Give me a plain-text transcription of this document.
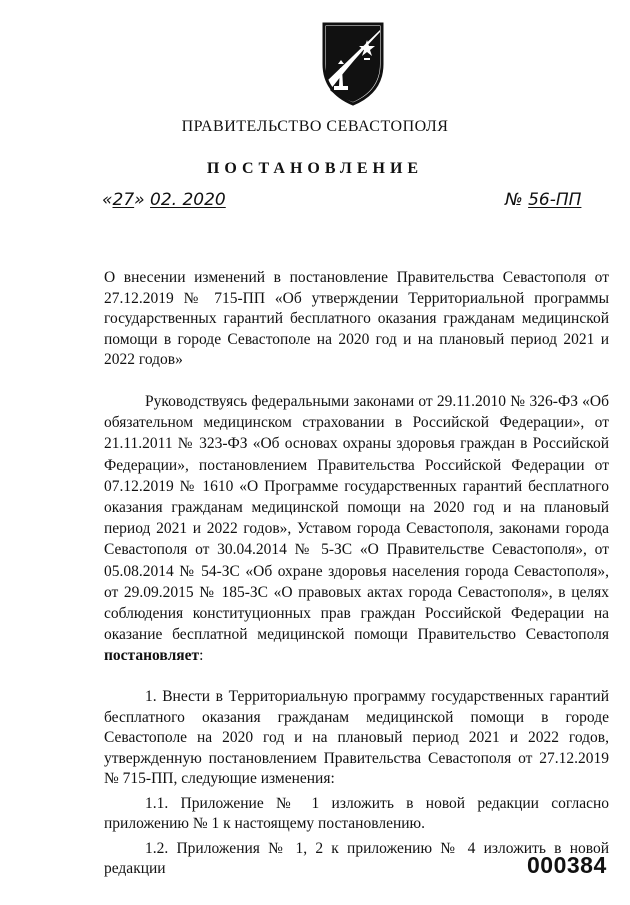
ПРАВИТЕЛЬСТВО СЕВАСТОПОЛЯ
ПОСТАНОВЛЕНИЕ
«27» 02. 2020	№ 56-ПП
О внесении изменений в постановление Правительства Севастополя от 27.12.2019 № 715-ПП «Об утверждении Территориальной программы государственных гарантий бесплатного оказания гражданам медицинской помощи в городе Севастополе на 2020 год и на плановый период 2021 и 2022 годов»
Руководствуясь федеральными законами от 29.11.2010 № 326-ФЗ «Об обязательном медицинском страховании в Российской Федерации», от 21.11.2011 № 323-ФЗ «Об основах охраны здоровья граждан в Российской Федерации», постановлением Правительства Российской Федерации от 07.12.2019 № 1610 «О Программе государственных гарантий бесплатного оказания гражданам медицинской помощи на 2020 год и на плановый период 2021 и 2022 годов», Уставом города Севастополя, законами города Севастополя от 30.04.2014 № 5-ЗС «О Правительстве Севастополя», от 05.08.2014 № 54-ЗС «Об охране здоровья населения города Севастополя», от 29.09.2015 № 185-ЗС «О правовых актах города Севастополя», в целях соблюдения конституционных прав граждан Российской Федерации на оказание бесплатной медицинской помощи Правительство Севастополя постановляет:

1. Внести в Территориальную программу государственных гарантий бесплатного оказания гражданам медицинской помощи в городе Севастополе на 2020 год и на плановый период 2021 и 2022 годов, утвержденную постановлением Правительства Севастополя от 27.12.2019 № 715-ПП, следующие изменения:

1.1. Приложение № 1 изложить в новой редакции согласно приложению № 1 к настоящему постановлению.

1.2. Приложения № 1, 2 к приложению № 4 изложить в новой редакции	000384
